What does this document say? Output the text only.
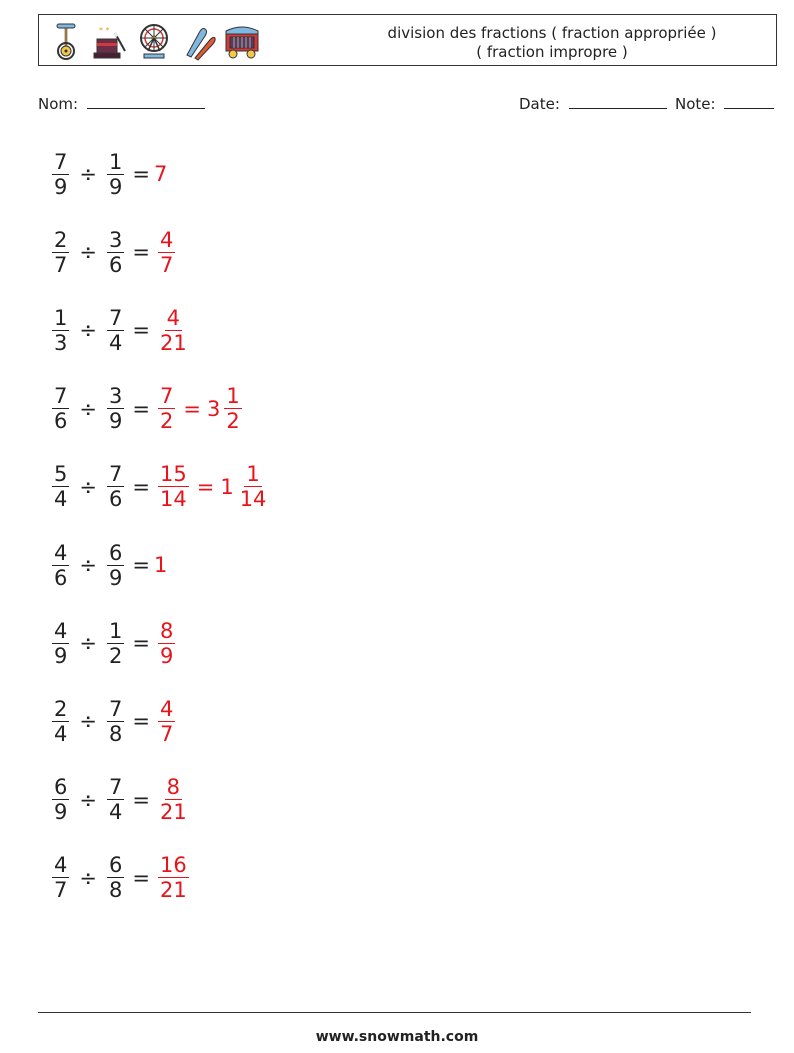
* *	division des fractions ( fraction appropriée )
( fraction impropre )
Nom:	Date:	Note:
$\frac{7}{9} \div \frac{1}{9} = 7$
$\frac{2}{7} \div \frac{3}{6} = \frac{4}{7}$
$\frac{1}{3} \div \frac{7}{4} = \frac{4}{21}$
$\frac{7}{6} \div \frac{3}{9} = \frac{7}{2} = 3 \frac{1}{2}$
$\frac{5}{4} \div \frac{7}{6} = \frac{15}{14} = 1 \frac{1}{14}$
$\frac{4}{6} \div \frac{6}{9} = 1$
$\frac{4}{9} \div \frac{1}{2} = \frac{8}{9}$
$\frac{2}{4} \div \frac{7}{8} = \frac{4}{7}$
$\frac{6}{9} \div \frac{7}{4} = \frac{8}{21}$
$\frac{4}{7} \div \frac{6}{8} = \frac{16}{21}$
www.snowmath.com
